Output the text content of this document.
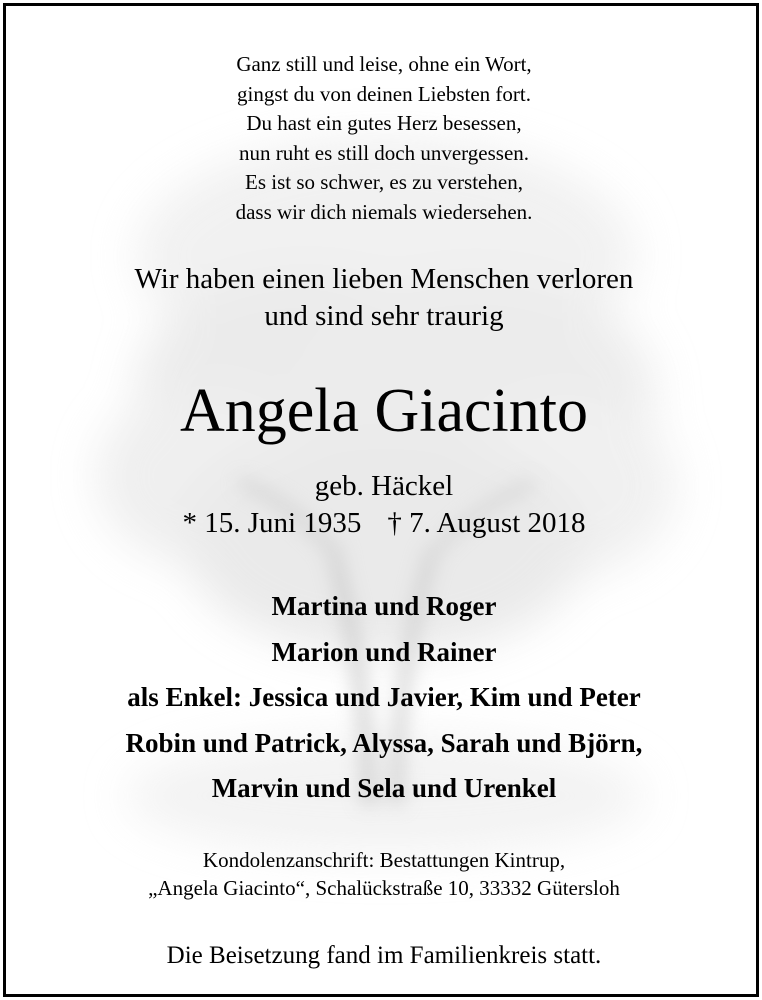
Ganz still und leise, ohne ein Wort,
gingst du von deinen Liebsten fort.
Du hast ein gutes Herz besessen,
nun ruht es still doch unvergessen.
Es ist so schwer, es zu verstehen,
dass wir dich niemals wiedersehen.
Wir haben einen lieben Menschen verloren
und sind sehr traurig
Angela Giacinto
geb. Häckel
* 15. Juni 1935 † 7. August 2018
Martina und Roger
Marion und Rainer
als Enkel: Jessica und Javier, Kim und Peter
Robin und Patrick, Alyssa, Sarah und Björn,
Marvin und Sela und Urenkel
Kondolenzanschrift: Bestattungen Kintrup,
„Angela Giacinto“, Schalückstraße 10, 33332 Gütersloh
Die Beisetzung fand im Familienkreis statt.
